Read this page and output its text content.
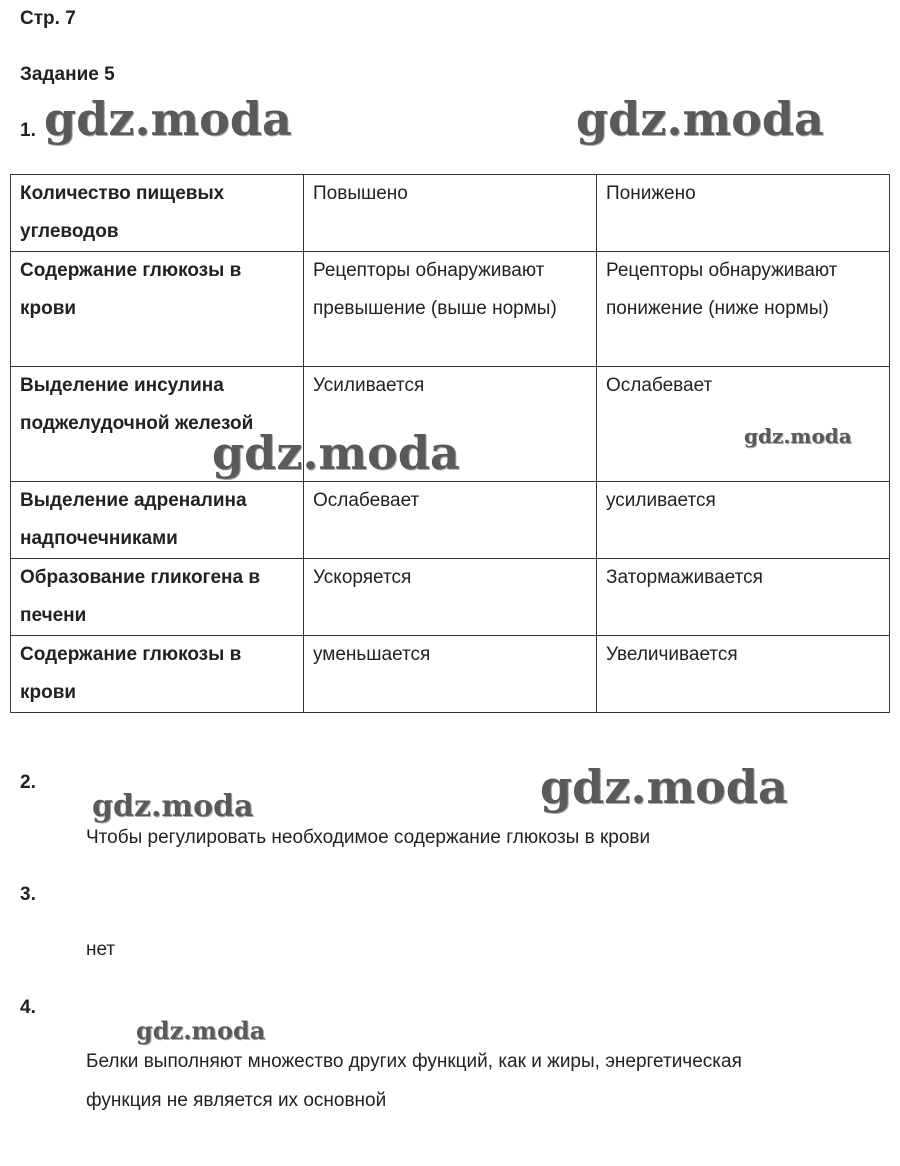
Стр. 7
Задание 5
1. gdz.moda	gdz.moda
Количество пищевых углеводов	Повышено	Понижено
Содержание глюкозы в крови	Рецепторы обнаруживают превышение (выше нормы)	Рецепторы обнаруживают понижение (ниже нормы)
Выделение инсулина поджелудочной железой	Усиливается	Ослабевает
Выделение адреналина надпочечниками	Ослабевает	усиливается
Образование гликогена в печени	Ускоряется	Затормаживается
Содержание глюкозы в крови	уменьшается	Увеличивается
gdz.moda	gdz.moda
2.	gdz.moda
gdz.moda
Чтобы регулировать необходимое содержание глюкозы в крови
3.
нет
4.
gdz.moda
Белки выполняют множество других функций, как и жиры, энергетическая
функция не является их основной
